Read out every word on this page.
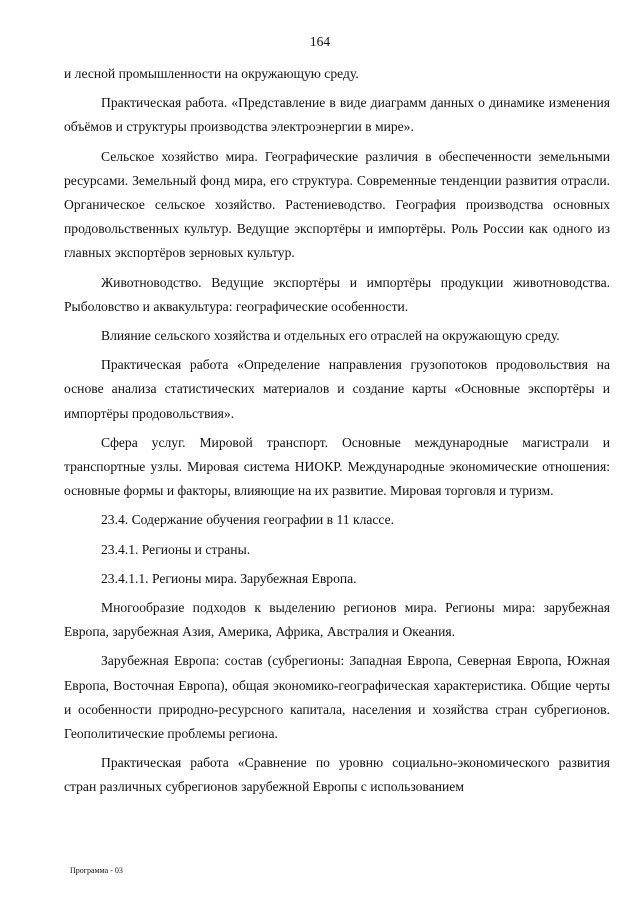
164

и лесной промышленности на окружающую среду.

Практическая работа. «Представление в виде диаграмм данных о динамике изменения объёмов и структуры производства электроэнергии в мире».

Сельское хозяйство мира. Географические различия в обеспеченности земельными ресурсами. Земельный фонд мира, его структура. Современные тенденции развития отрасли. Органическое сельское хозяйство. Растениеводство. География производства основных продовольственных культур. Ведущие экспортёры и импортёры. Роль России как одного из главных экспортёров зерновых культур.

Животноводство. Ведущие экспортёры и импортёры продукции животноводства. Рыболовство и аквакультура: географические особенности.

Влияние сельского хозяйства и отдельных его отраслей на окружающую среду.

Практическая работа «Определение направления грузопотоков продовольствия на основе анализа статистических материалов и создание карты «Основные экспортёры и импортёры продовольствия».

Сфера услуг. Мировой транспорт. Основные международные магистрали и транспортные узлы. Мировая система НИОКР. Международные экономические отношения: основные формы и факторы, влияющие на их развитие. Мировая торговля и туризм.

23.4. Содержание обучения географии в 11 классе.

23.4.1. Регионы и страны.

23.4.1.1. Регионы мира. Зарубежная Европа.

Многообразие подходов к выделению регионов мира. Регионы мира: зарубежная Европа, зарубежная Азия, Америка, Африка, Австралия и Океания.

Зарубежная Европа: состав (субрегионы: Западная Европа, Северная Европа, Южная Европа, Восточная Европа), общая экономико-географическая характеристика. Общие черты и особенности природно-ресурсного капитала, населения и хозяйства стран субрегионов. Геополитические проблемы региона.

Практическая работа «Сравнение по уровню социально-экономического развития стран различных субрегионов зарубежной Европы с использованием

Программа - 03
